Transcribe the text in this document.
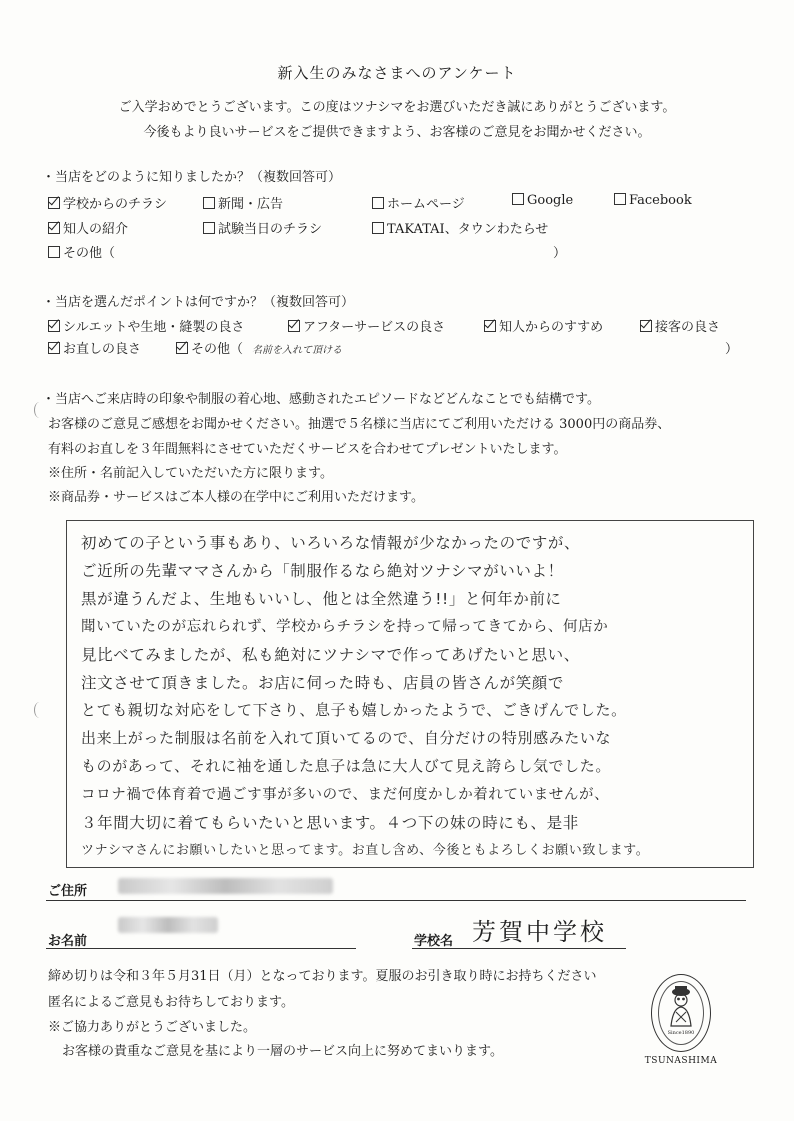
新入生のみなさまへのアンケート
ご入学おめでとうございます。この度はツナシマをお選びいただき誠にありがとうございます。
今後もより良いサービスをご提供できますよう、お客様のご意見をお聞かせください。
・当店をどのように知りましたか？（複数回答可）
学校からのチラシ	新聞・広告	ホームページ	Google	Facebook
知人の紹介	試験当日のチラシ	TAKATAI、タウンわたらせ
その他（	）
・当店を選んだポイントは何ですか？（複数回答可）
シルエットや生地・縫製の良さ	アフターサービスの良さ	知人からのすすめ	接客の良さ
お直しの良さ	その他（ 名前を入れて頂ける	）
・当店へご来店時の印象や制服の着心地、感動されたエピソードなどどんなことでも結構です。
お客様のご意見ご感想をお聞かせください。抽選で５名様に当店にてご利用いただける 3000円の商品券、
有料のお直しを３年間無料にさせていただくサービスを合わせてプレゼントいたします。
※住所・名前記入していただいた方に限ります。
※商品券・サービスはご本人様の在学中にご利用いただけます。
初めての子という事もあり、いろいろな情報が少なかったのですが、
ご近所の先輩ママさんから「制服作るなら絶対ツナシマがいいよ！
黒が違うんだよ、生地もいいし、他とは全然違う!!」と何年か前に
聞いていたのが忘れられず、学校からチラシを持って帰ってきてから、何店か
見比べてみましたが、私も絶対にツナシマで作ってあげたいと思い、
注文させて頂きました。お店に伺った時も、店員の皆さんが笑顔で
とても親切な対応をして下さり、息子も嬉しかったようで、ごきげんでした。
出来上がった制服は名前を入れて頂いてるので、自分だけの特別感みたいな
ものがあって、それに袖を通した息子は急に大人びて見え誇らし気でした。
コロナ禍で体育着で過ごす事が多いので、まだ何度かしか着れていませんが、
３年間大切に着てもらいたいと思います。４つ下の妹の時にも、是非
ツナシマさんにお願いしたいと思ってます。お直し含め、今後ともよろしくお願い致します。
ご住所
お名前	学校名 芳賀中学校
締め切りは令和３年５月31日（月）となっております。夏服のお引き取り時にお持ちください
匿名によるご意見もお待ちしております。
※ご協力ありがとうございました。
お客様の貴重なご意見を基により一層のサービス向上に努めてまいります。
Since1890
TSUNASHIMA
